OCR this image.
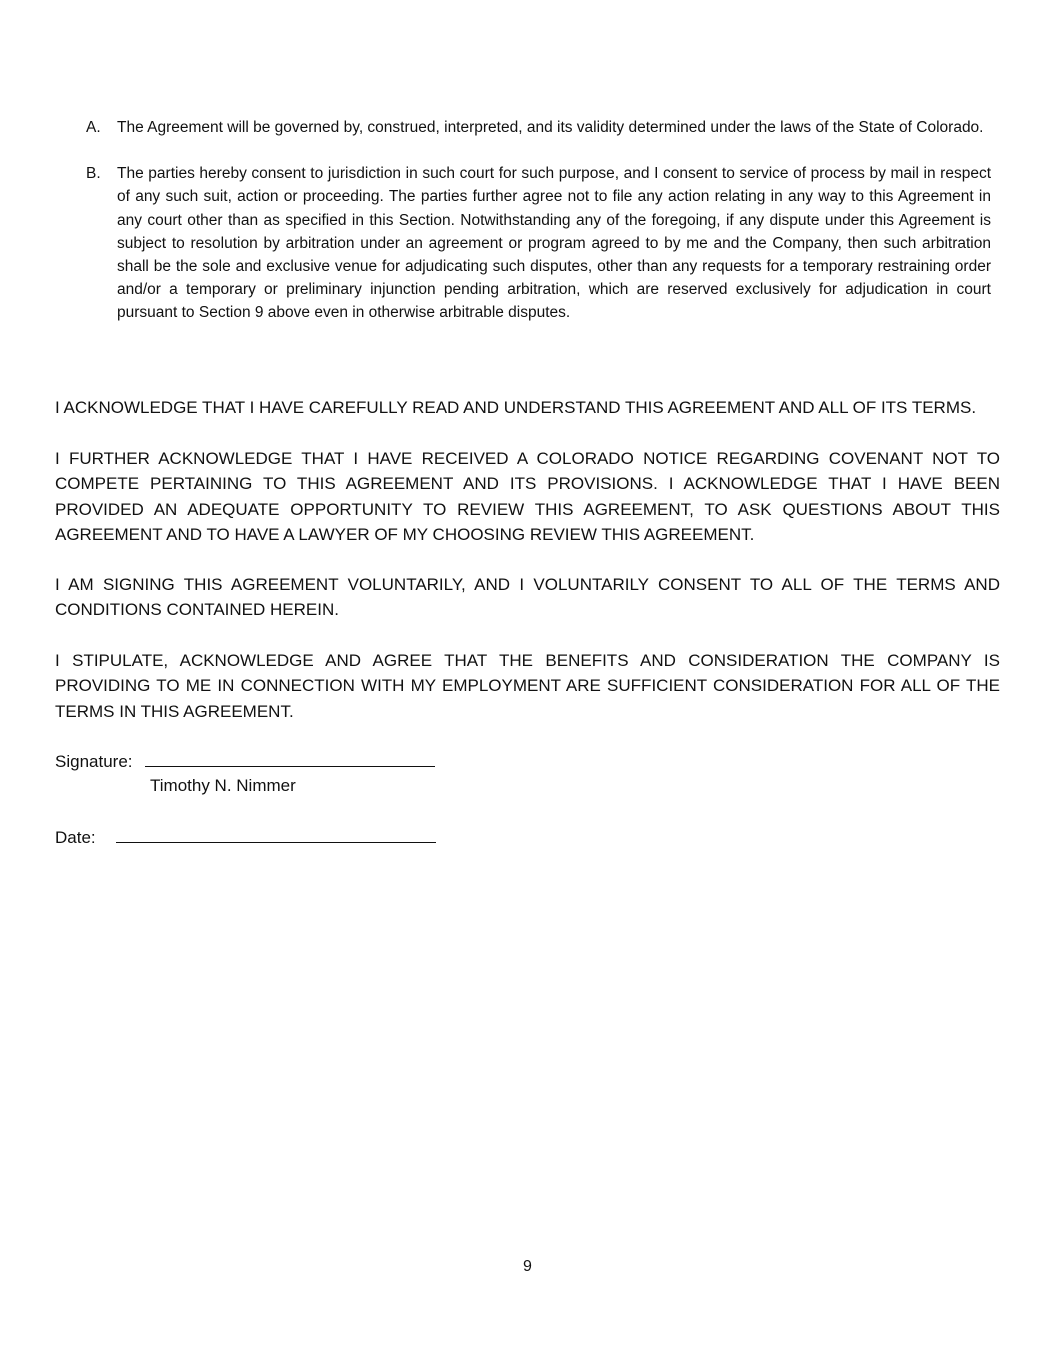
A. The Agreement will be governed by, construed, interpreted, and its validity determined under the laws of the State of Colorado.
B. The parties hereby consent to jurisdiction in such court for such purpose, and I consent to service of process by mail in respect of any such suit, action or proceeding. The parties further agree not to file any action relating in any way to this Agreement in any court other than as specified in this Section. Notwithstanding any of the foregoing, if any dispute under this Agreement is subject to resolution by arbitration under an agreement or program agreed to by me and the Company, then such arbitration shall be the sole and exclusive venue for adjudicating such disputes, other than any requests for a temporary restraining order and/or a temporary or preliminary injunction pending arbitration, which are reserved exclusively for adjudication in court pursuant to Section 9 above even in otherwise arbitrable disputes.

I ACKNOWLEDGE THAT I HAVE CAREFULLY READ AND UNDERSTAND THIS AGREEMENT AND ALL OF ITS TERMS.

I FURTHER ACKNOWLEDGE THAT I HAVE RECEIVED A COLORADO NOTICE REGARDING COVENANT NOT TO COMPETE PERTAINING TO THIS AGREEMENT AND ITS PROVISIONS. I ACKNOWLEDGE THAT I HAVE BEEN PROVIDED AN ADEQUATE OPPORTUNITY TO REVIEW THIS AGREEMENT, TO ASK QUESTIONS ABOUT THIS AGREEMENT AND TO HAVE A LAWYER OF MY CHOOSING REVIEW THIS AGREEMENT.

I AM SIGNING THIS AGREEMENT VOLUNTARILY, AND I VOLUNTARILY CONSENT TO ALL OF THE TERMS AND CONDITIONS CONTAINED HEREIN.

I STIPULATE, ACKNOWLEDGE AND AGREE THAT THE BENEFITS AND CONSIDERATION THE COMPANY IS PROVIDING TO ME IN CONNECTION WITH MY EMPLOYMENT ARE SUFFICIENT CONSIDERATION FOR ALL OF THE TERMS IN THIS AGREEMENT.

Signature:
Timothy N. Nimmer
Date:
9
